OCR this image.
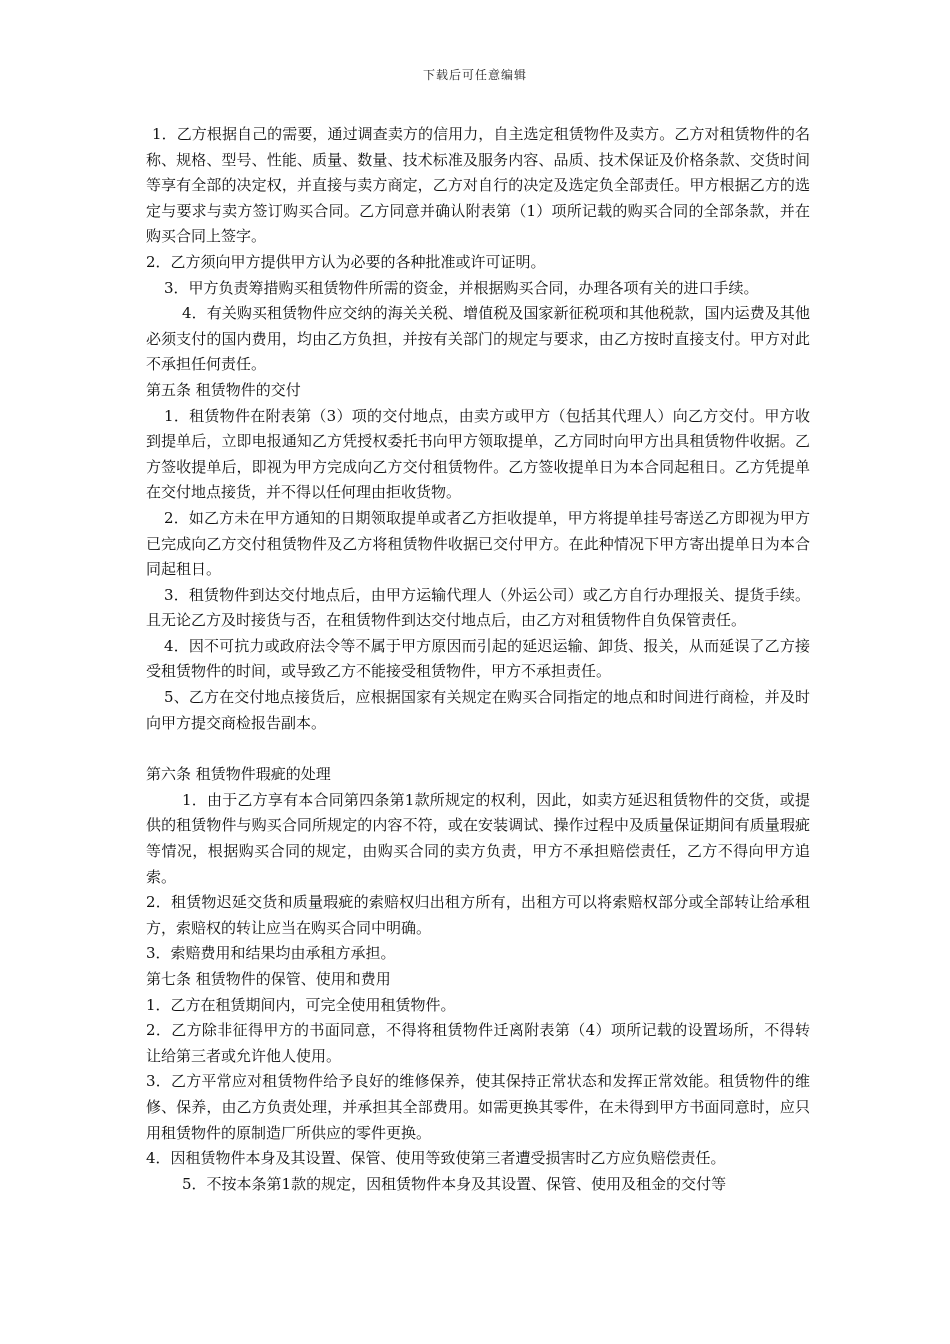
下载后可任意编辑

1．乙方根据自己的需要，通过调查卖方的信用力，自主选定租赁物件及卖方。乙方对租赁物件的名称、规格、型号、性能、质量、数量、技术标准及服务内容、品质、技术保证及价格条款、交货时间等享有全部的决定权，并直接与卖方商定，乙方对自行的决定及选定负全部责任。甲方根据乙方的选定与要求与卖方签订购买合同。乙方同意并确认附表第（1）项所记载的购买合同的全部条款，并在购买合同上签字。

2．乙方须向甲方提供甲方认为必要的各种批准或许可证明。

3．甲方负责筹措购买租赁物件所需的资金，并根据购买合同，办理各项有关的进口手续。

4．有关购买租赁物件应交纳的海关关税、增值税及国家新征税项和其他税款，国内运费及其他必须支付的国内费用，均由乙方负担，并按有关部门的规定与要求，由乙方按时直接支付。甲方对此不承担任何责任。

第五条 租赁物件的交付

1．租赁物件在附表第（3）项的交付地点，由卖方或甲方（包括其代理人）向乙方交付。甲方收到提单后，立即电报通知乙方凭授权委托书向甲方领取提单，乙方同时向甲方出具租赁物件收据。乙方签收提单后，即视为甲方完成向乙方交付租赁物件。乙方签收提单日为本合同起租日。乙方凭提单在交付地点接货，并不得以任何理由拒收货物。

2．如乙方未在甲方通知的日期领取提单或者乙方拒收提单，甲方将提单挂号寄送乙方即视为甲方已完成向乙方交付租赁物件及乙方将租赁物件收据已交付甲方。在此种情况下甲方寄出提单日为本合同起租日。

3．租赁物件到达交付地点后，由甲方运输代理人（外运公司）或乙方自行办理报关、提货手续。且无论乙方及时接货与否，在租赁物件到达交付地点后，由乙方对租赁物件自负保管责任。

4．因不可抗力或政府法令等不属于甲方原因而引起的延迟运输、卸货、报关，从而延误了乙方接受租赁物件的时间，或导致乙方不能接受租赁物件，甲方不承担责任。

5、乙方在交付地点接货后，应根据国家有关规定在购买合同指定的地点和时间进行商检，并及时向甲方提交商检报告副本。

第六条 租赁物件瑕疵的处理

1．由于乙方享有本合同第四条第1款所规定的权利，因此，如卖方延迟租赁物件的交货，或提供的租赁物件与购买合同所规定的内容不符，或在安装调试、操作过程中及质量保证期间有质量瑕疵等情况，根据购买合同的规定，由购买合同的卖方负责，甲方不承担赔偿责任，乙方不得向甲方追索。

2．租赁物迟延交货和质量瑕疵的索赔权归出租方所有，出租方可以将索赔权部分或全部转让给承租方，索赔权的转让应当在购买合同中明确。

3．索赔费用和结果均由承租方承担。

第七条 租赁物件的保管、使用和费用

1．乙方在租赁期间内，可完全使用租赁物件。

2．乙方除非征得甲方的书面同意，不得将租赁物件迁离附表第（4）项所记载的设置场所，不得转让给第三者或允许他人使用。

3．乙方平常应对租赁物件给予良好的维修保养，使其保持正常状态和发挥正常效能。租赁物件的维修、保养，由乙方负责处理，并承担其全部费用。如需更换其零件，在未得到甲方书面同意时，应只用租赁物件的原制造厂所供应的零件更换。

4．因租赁物件本身及其设置、保管、使用等致使第三者遭受损害时乙方应负赔偿责任。

5．不按本条第1款的规定，因租赁物件本身及其设置、保管、使用及租金的交付等
